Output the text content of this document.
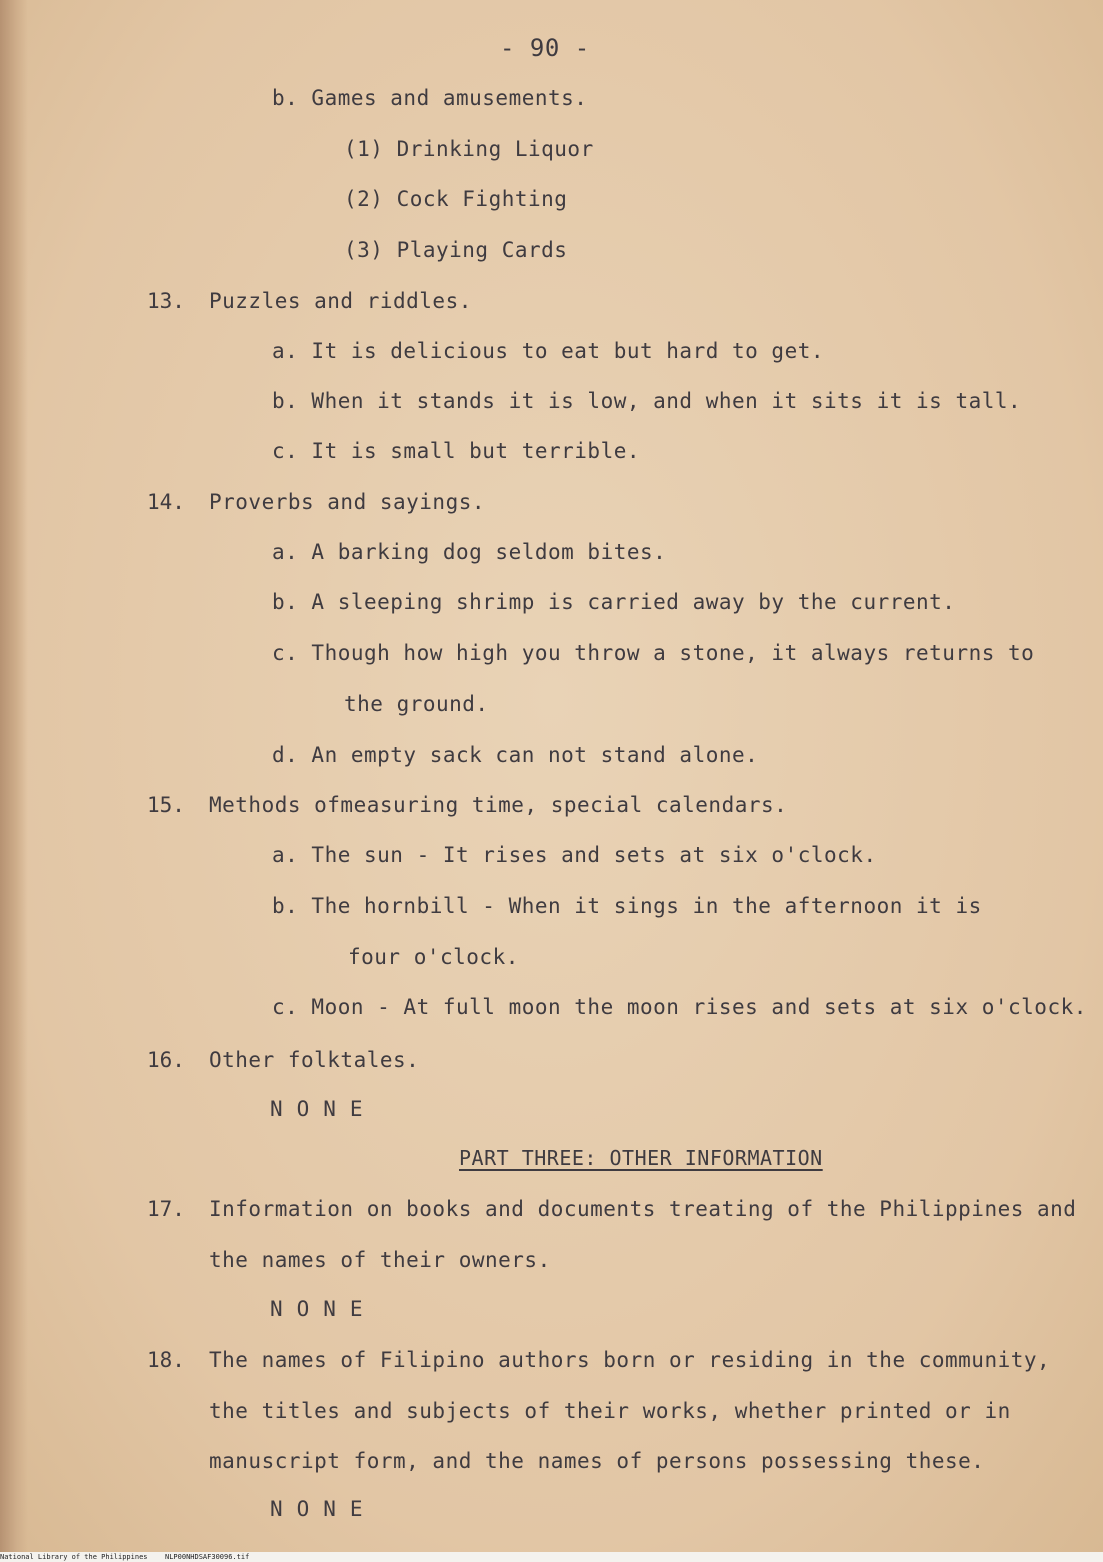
- 90 -
b. Games and amusements.
(1) Drinking Liquor
(2) Cock Fighting
(3) Playing Cards
13. Puzzles and riddles.
a. It is delicious to eat but hard to get.
b. When it stands it is low, and when it sits it is tall.
c. It is small but terrible.
14. Proverbs and sayings.
a. A barking dog seldom bites.
b. A sleeping shrimp is carried away by the current.
c. Though how high you throw a stone, it always returns to
the ground.
d. An empty sack can not stand alone.
15. Methods ofmeasuring time, special calendars.
a. The sun - It rises and sets at six o'clock.
b. The hornbill - When it sings in the afternoon it is
four o'clock.
c. Moon - At full moon the moon rises and sets at six o'clock.
16. Other folktales.
NONE
PART THREE: OTHER INFORMATION
17. Information on books and documents treating of the Philippines and
the names of their owners.
NONE
18. The names of Filipino authors born or residing in the community,
the titles and subjects of their works, whether printed or in
manuscript form, and the names of persons possessing these.
NONE
National Library of the Philippines NLP00NHDSAF30096.tif
